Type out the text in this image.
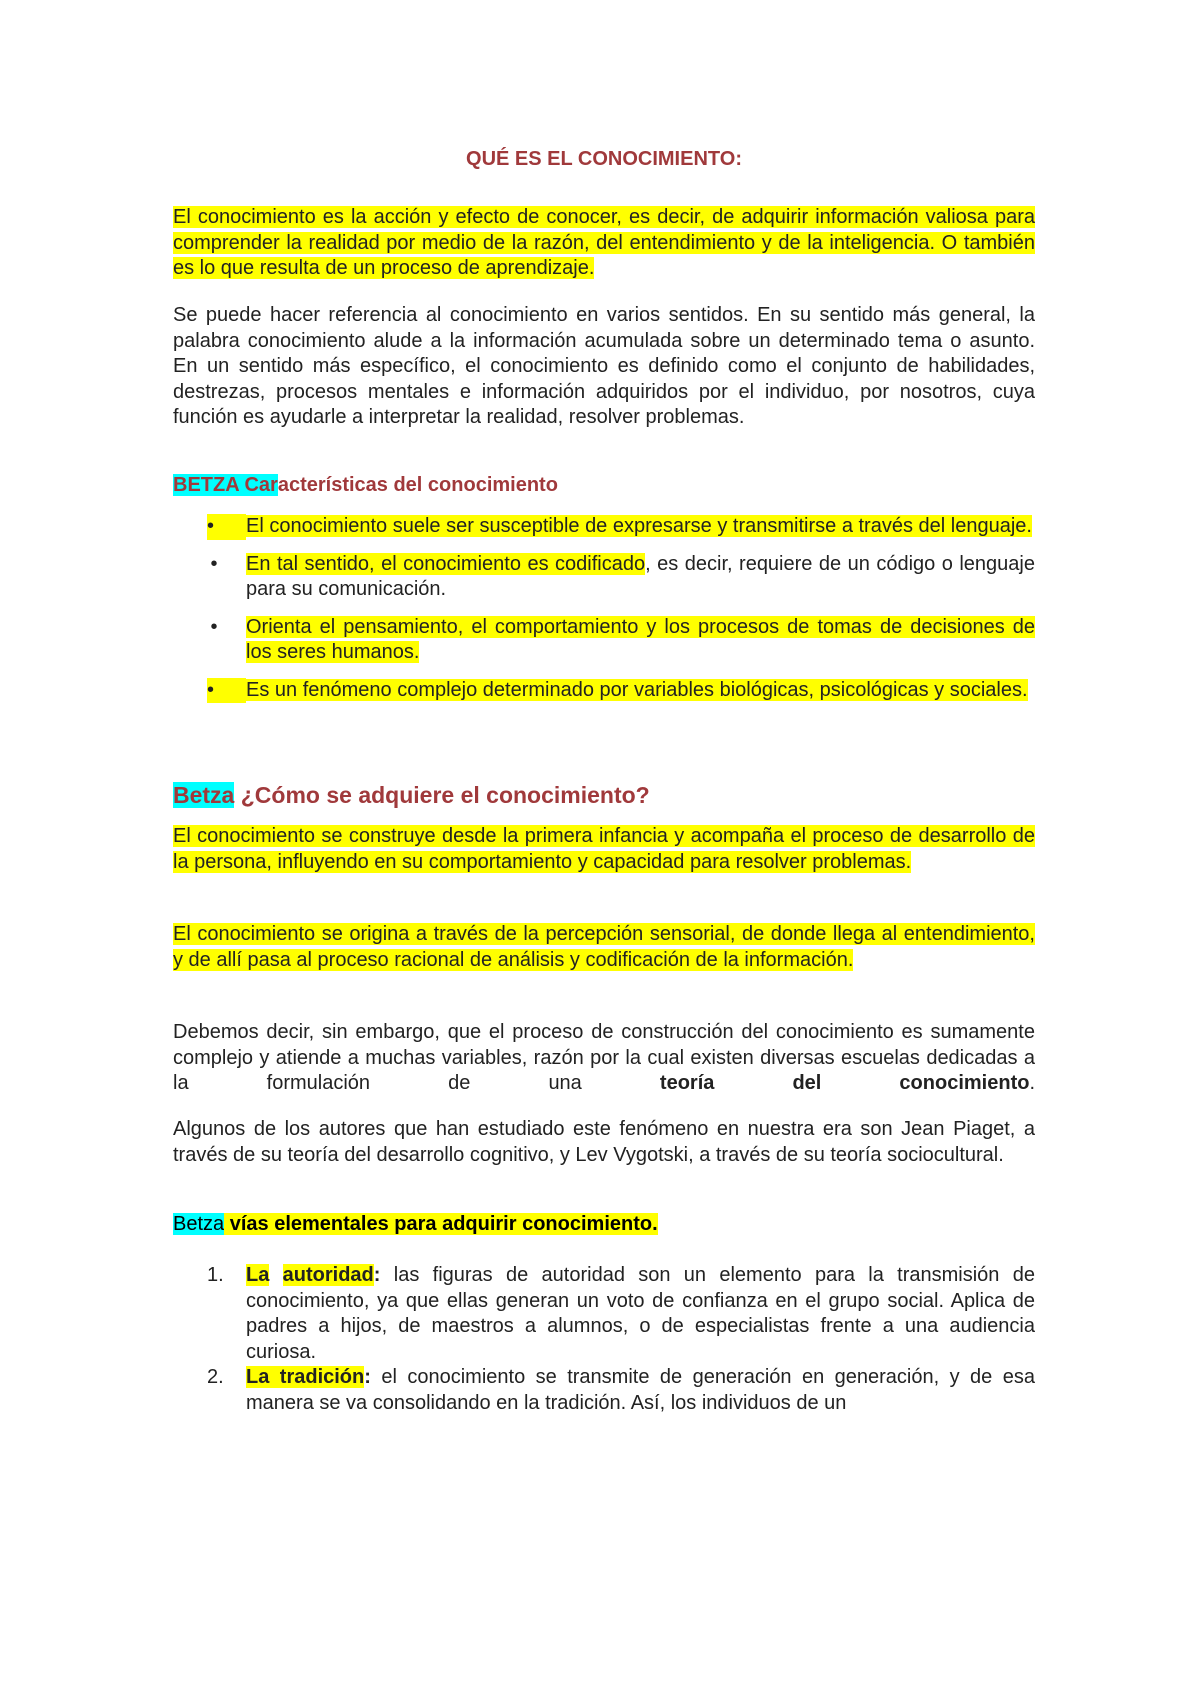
QUÉ ES EL CONOCIMIENTO:

El conocimiento es la acción y efecto de conocer, es decir, de adquirir información valiosa para comprender la realidad por medio de la razón, del entendimiento y de la inteligencia. O también es lo que resulta de un proceso de aprendizaje.

Se puede hacer referencia al conocimiento en varios sentidos. En su sentido más general, la palabra conocimiento alude a la información acumulada sobre un determinado tema o asunto. En un sentido más específico, el conocimiento es definido como el conjunto de habilidades, destrezas, procesos mentales e información adquiridos por el individuo, por nosotros, cuya función es ayudarle a interpretar la realidad, resolver problemas.

BETZA Características del conocimiento
•	El conocimiento suele ser susceptible de expresarse y transmitirse a través del lenguaje.
• En tal sentido, el conocimiento es codificado, es decir, requiere de un código o lenguaje para su comunicación.
• Orienta el pensamiento, el comportamiento y los procesos de tomas de decisiones de los seres humanos.
•	Es un fenómeno complejo determinado por variables biológicas, psicológicas y sociales.
Betza ¿Cómo se adquiere el conocimiento?

El conocimiento se construye desde la primera infancia y acompaña el proceso de desarrollo de la persona, influyendo en su comportamiento y capacidad para resolver problemas.

El conocimiento se origina a través de la percepción sensorial, de donde llega al entendimiento, y de allí pasa al proceso racional de análisis y codificación de la información.

Debemos decir, sin embargo, que el proceso de construcción del conocimiento es sumamente complejo y atiende a muchas variables, razón por la cual existen diversas escuelas dedicadas a la formulación de una	teoría del conocimiento.

Algunos de los autores que han estudiado este fenómeno en nuestra era son Jean Piaget, a través de su teoría del desarrollo cognitivo, y Lev Vygotski, a través de su teoría sociocultural.

Betza vías elementales para adquirir conocimiento.
1. La autoridad: las figuras de autoridad son un elemento para la transmisión de conocimiento, ya que ellas generan un voto de confianza en el grupo social. Aplica de padres a hijos, de maestros a alumnos, o de especialistas frente a una audiencia curiosa.
2. La tradición: el conocimiento se transmite de generación en generación, y de esa manera se va consolidando en la tradición. Así, los individuos de un
